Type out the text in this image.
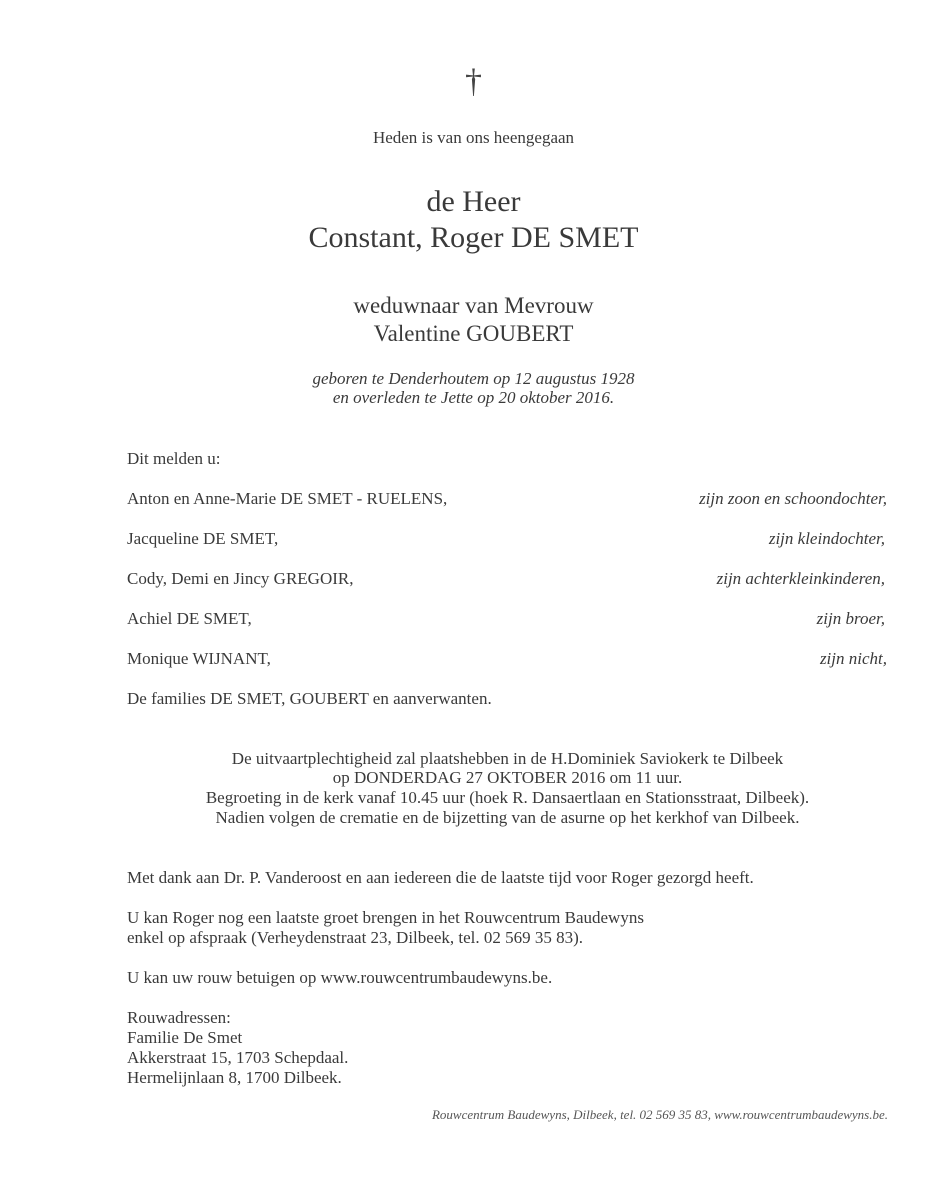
†
Heden is van ons heengegaan
de Heer
Constant, Roger DE SMET
weduwnaar van Mevrouw
Valentine GOUBERT
geboren te Denderhoutem op 12 augustus 1928
en overleden te Jette op 20 oktober 2016.
Dit melden u:
Anton en Anne-Marie DE SMET - RUELENS,	zijn zoon en schoondochter,
Jacqueline DE SMET,	zijn kleindochter,
Cody, Demi en Jincy GREGOIR,	zijn achterkleinkinderen,
Achiel DE SMET,	zijn broer,
Monique WIJNANT,	zijn nicht,
De families DE SMET, GOUBERT en aanverwanten.
De uitvaartplechtigheid zal plaatshebben in de H.Dominiek Saviokerk te Dilbeek
op DONDERDAG 27 OKTOBER 2016 om 11 uur.
Begroeting in de kerk vanaf 10.45 uur (hoek R. Dansaertlaan en Stationsstraat, Dilbeek).
Nadien volgen de crematie en de bijzetting van de asurne op het kerkhof van Dilbeek.
Met dank aan Dr. P. Vanderoost en aan iedereen die de laatste tijd voor Roger gezorgd heeft.
U kan Roger nog een laatste groet brengen in het Rouwcentrum Baudewyns
enkel op afspraak (Verheydenstraat 23, Dilbeek, tel. 02 569 35 83).
U kan uw rouw betuigen op www.rouwcentrumbaudewyns.be.
Rouwadressen:
Familie De Smet
Akkerstraat 15, 1703 Schepdaal.
Hermelijnlaan 8, 1700 Dilbeek.
Rouwcentrum Baudewyns, Dilbeek, tel. 02 569 35 83, www.rouwcentrumbaudewyns.be.
